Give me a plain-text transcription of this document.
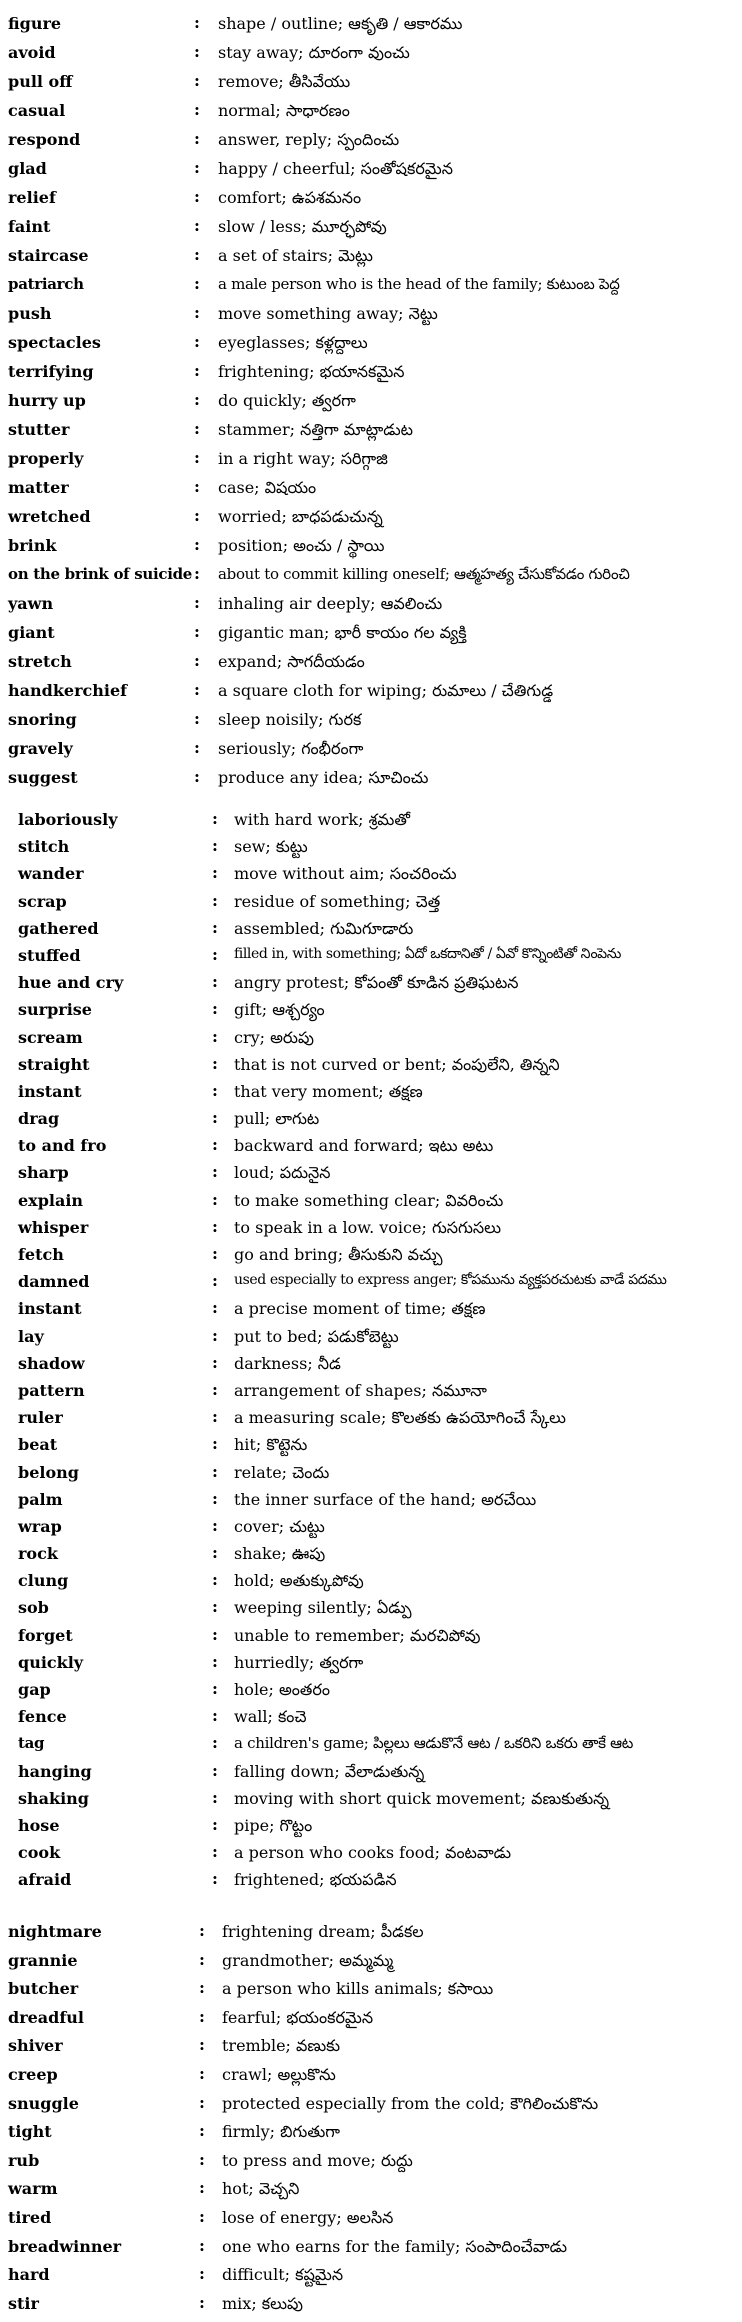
figure	: shape / outline; ఆకృతి / ఆకారము
avoid	: stay away; దూరంగా వుంచు
pull off	: remove; తీసివేయు
casual	: normal; సాధారణం
respond	: answer, reply; స్పందించు
glad	: happy / cheerful; సంతోషకరమైన
relief	: comfort; ఉపశమనం
faint	: slow / less; మూర్ఛపోవు
staircase	: a set of stairs; మెట్లు
patriarch	: a male person who is the head of the family; కుటుంబ పెద్ద
push	: move something away; నెట్టు
spectacles	: eyeglasses; కళ్లద్దాలు
terrifying	: frightening; భయానకమైన
hurry up	: do quickly; త్వరగా
stutter	: stammer; నత్తిగా మాట్లాడుట
properly	: in a right way; సరిగ్గాజి
matter	: case; విషయం
wretched	: worried; బాధపడుచున్న
brink	: position; అంచు / స్థాయి
on the brink of suicide : about to commit killing oneself; ఆత్మహత్య చేసుకోవడం గురించి
yawn	: inhaling air deeply; ఆవలించు
giant	: gigantic man; భారీ కాయం గల వ్యక్తి
stretch	: expand; సాగదీయడం
handkerchief	: a square cloth for wiping; రుమాలు / చేతిగుడ్డ
snoring	: sleep noisily; గురక
gravely	: seriously; గంభీరంగా
suggest	: produce any idea; సూచించు
laboriously	: with hard work; శ్రమతో
stitch	: sew; కుట్టు
wander	: move without aim; సంచరించు
scrap	: residue of something; చెత్త
gathered	: assembled; గుమిగూడారు
stuffed	: filled in, with something; ఏదో ఒకదానితో / ఏవో కొన్నింటితో నింపెను
hue and cry	: angry protest; కోపంతో కూడిన ప్రతిఘటన
surprise	: gift; ఆశ్చర్యం
scream	: cry; అరుపు
straight	: that is not curved or bent; వంపులేని, తిన్నని
instant	: that very moment; తక్షణ
drag	: pull; లాగుట
to and fro	: backward and forward; ఇటు అటు
sharp	: loud; పదునైన
explain	: to make something clear; వివరించు
whisper	: to speak in a low. voice; గుసగుసలు
fetch	: go and bring; తీసుకుని వచ్చు
damned	: used especially to express anger; కోపమును వ్యక్తపరచుటకు వాడే పదము
instant	: a precise moment of time; తక్షణ
lay	: put to bed; పడుకోబెట్టు
shadow	: darkness; నీడ
pattern	: arrangement of shapes; నమూనా
ruler	: a measuring scale; కొలతకు ఉపయోగించే స్కేలు
beat	: hit; కొట్టెను
belong	: relate; చెందు
palm	: the inner surface of the hand; అరచేయి
wrap	: cover; చుట్టు
rock	: shake; ఊపు
clung	: hold; అతుక్కుపోవు
sob	: weeping silently; ఏడ్పు
forget	: unable to remember; మరచిపోవు
quickly	: hurriedly; త్వరగా
gap	: hole; అంతరం
fence	: wall; కంచె
tag	: a children's game; పిల్లలు ఆడుకొనే ఆట / ఒకరిని ఒకరు తాకే ఆట
hanging	: falling down; వేలాడుతున్న
shaking	: moving with short quick movement; వణుకుతున్న
hose	: pipe; గొట్టం
cook	: a person who cooks food; వంటవాడు
afraid	: frightened; భయపడిన
nightmare	: frightening dream; పీడకల
grannie	: grandmother; అమ్మమ్మ
butcher	: a person who kills animals; కసాయి
dreadful	: fearful; భయంకరమైన
shiver	: tremble; వణుకు
creep	: crawl; అల్లుకొను
snuggle	: protected especially from the cold; కౌగిలించుకొను
tight	: firmly; బిగుతుగా
rub	: to press and move; రుద్దు
warm	: hot; వెచ్చని
tired	: lose of energy; అలసిన
breadwinner	: one who earns for the family; సంపాదించేవాడు
hard	: difficult; కష్టమైన
stir	: mix; కలుపు
